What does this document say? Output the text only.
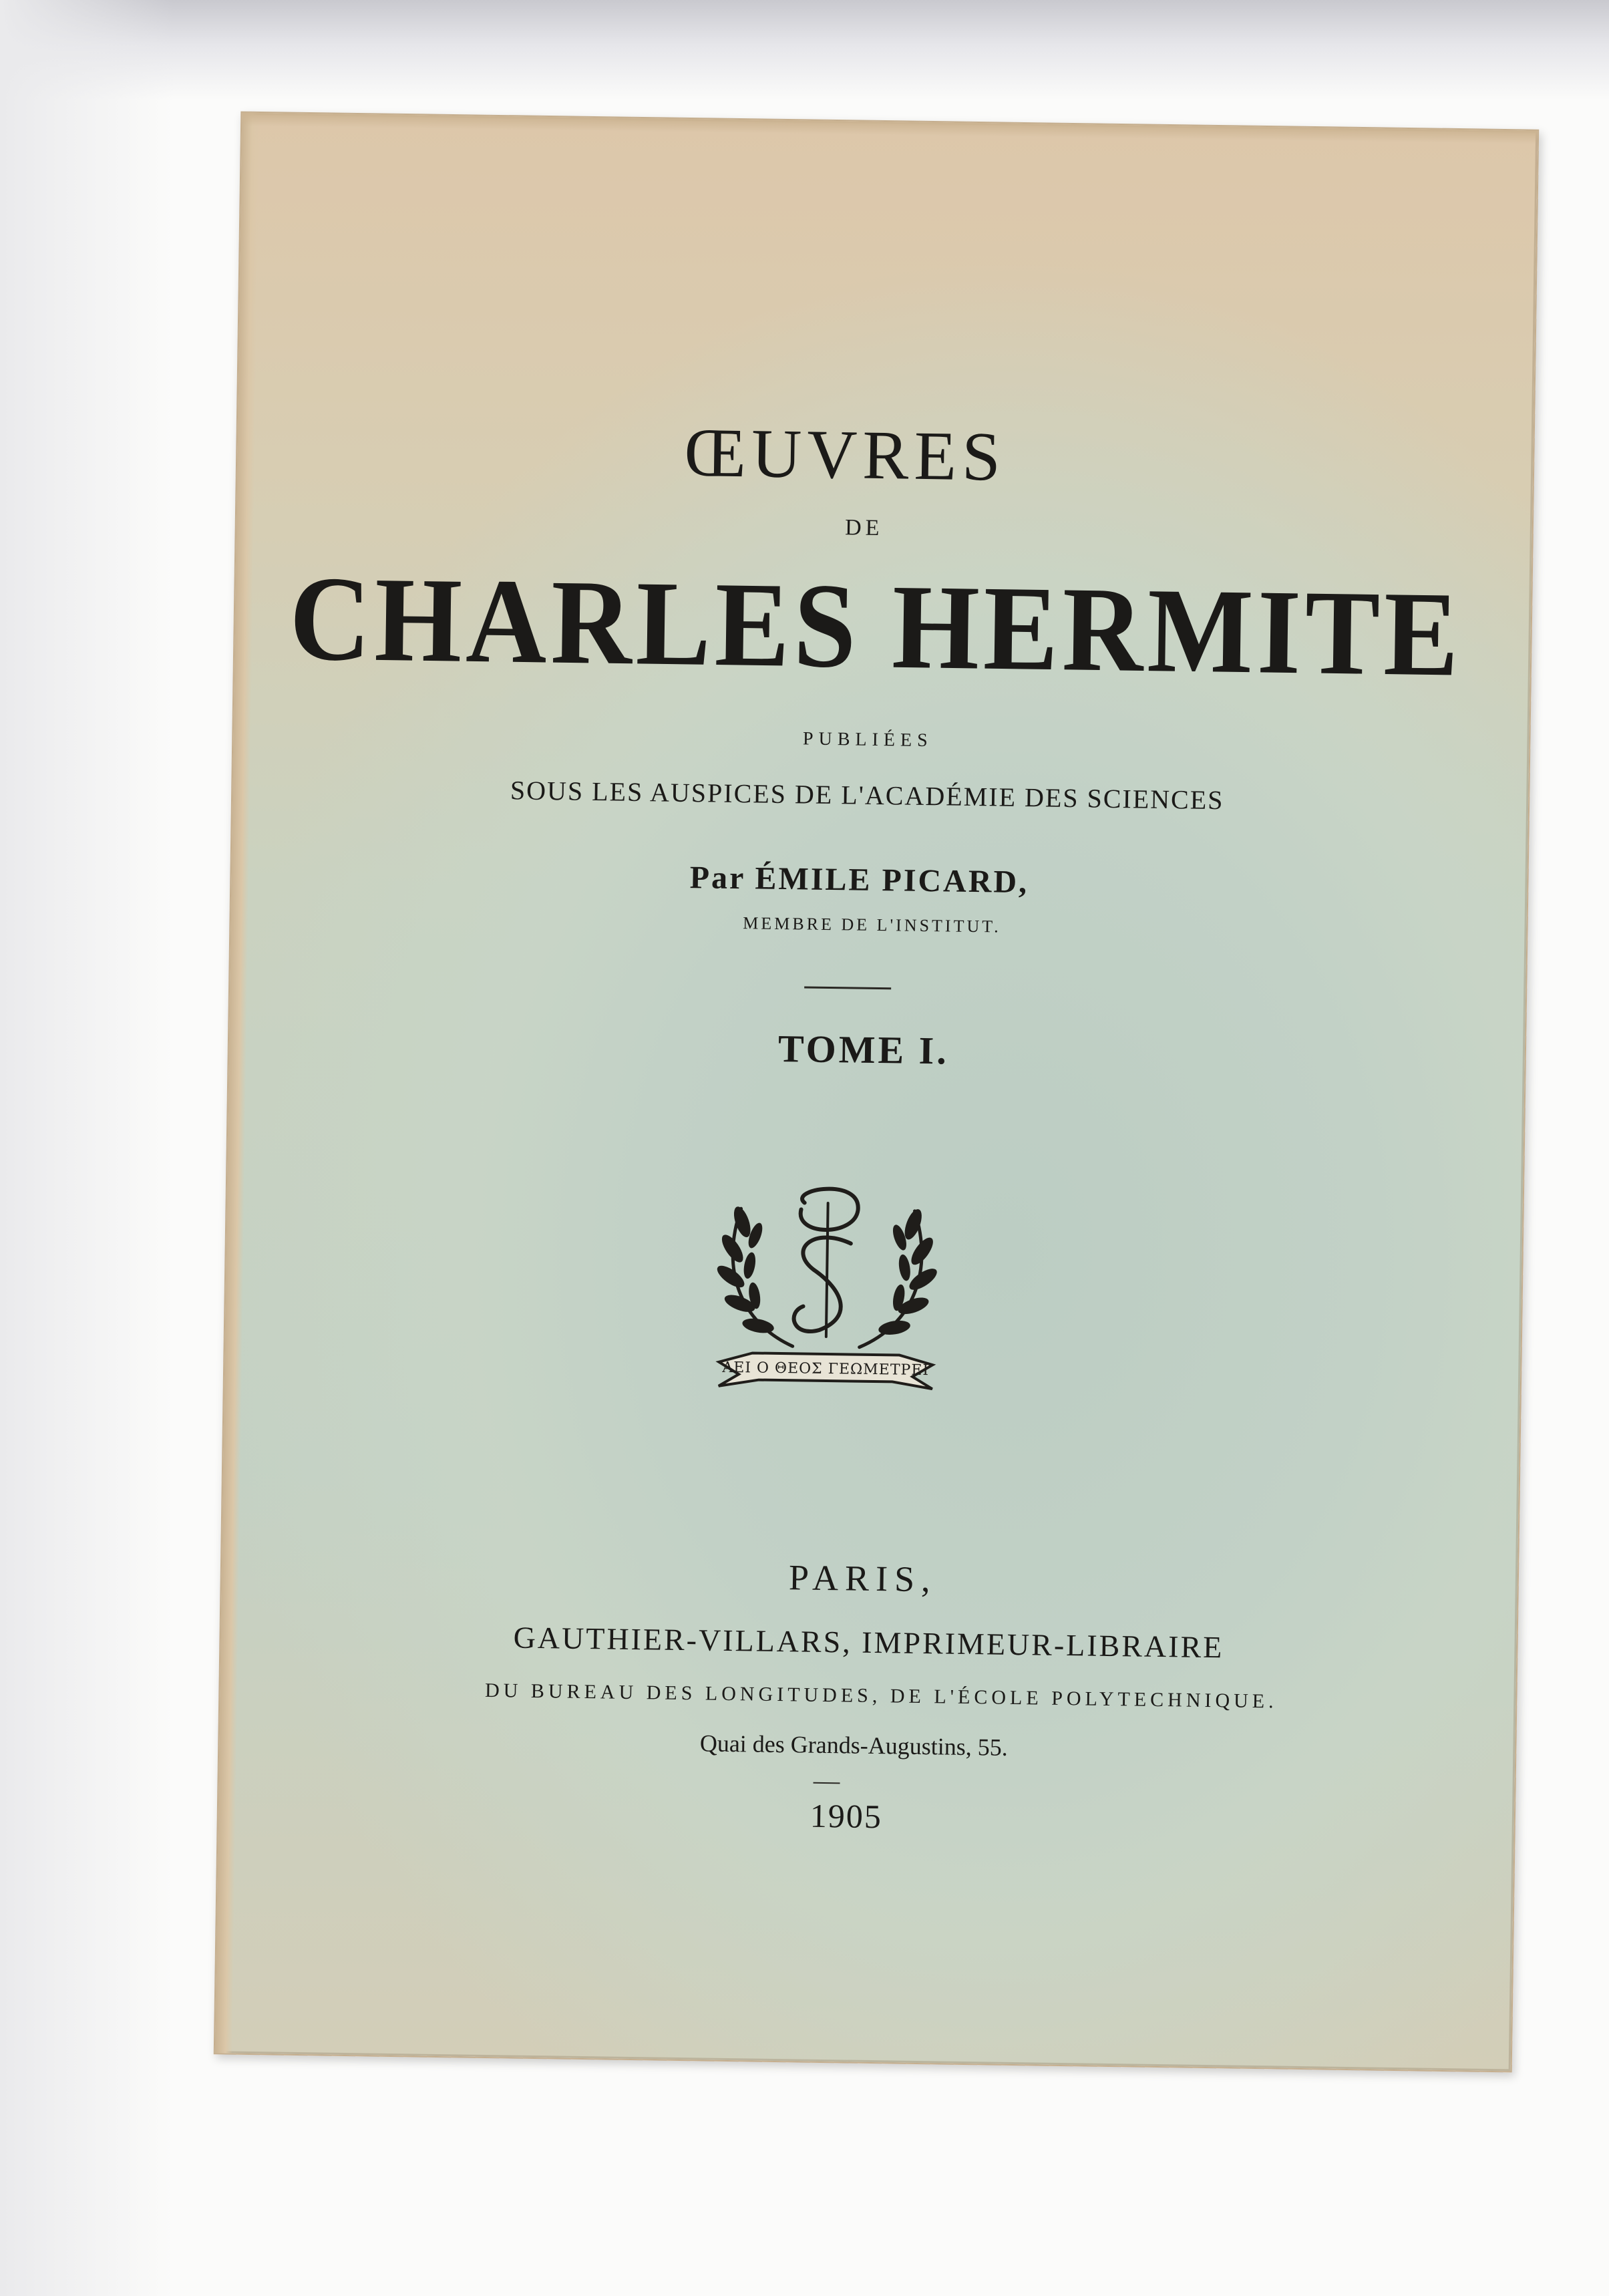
ŒUVRES
DE
CHARLES HERMITE
PUBLIÉES
SOUS LES AUSPICES DE L'ACADÉMIE DES SCIENCES
Par ÉMILE PICARD,
MEMBRE DE L'INSTITUT.
TOME I.
ΑΕΙ Ο ΘΕΟΣ ΓΕΩΜΕΤΡΕΙ
PARIS,
GAUTHIER-VILLARS, IMPRIMEUR-LIBRAIRE
DU BUREAU DES LONGITUDES, DE L'ÉCOLE POLYTECHNIQUE.
Quai des Grands-Augustins, 55.
1905
